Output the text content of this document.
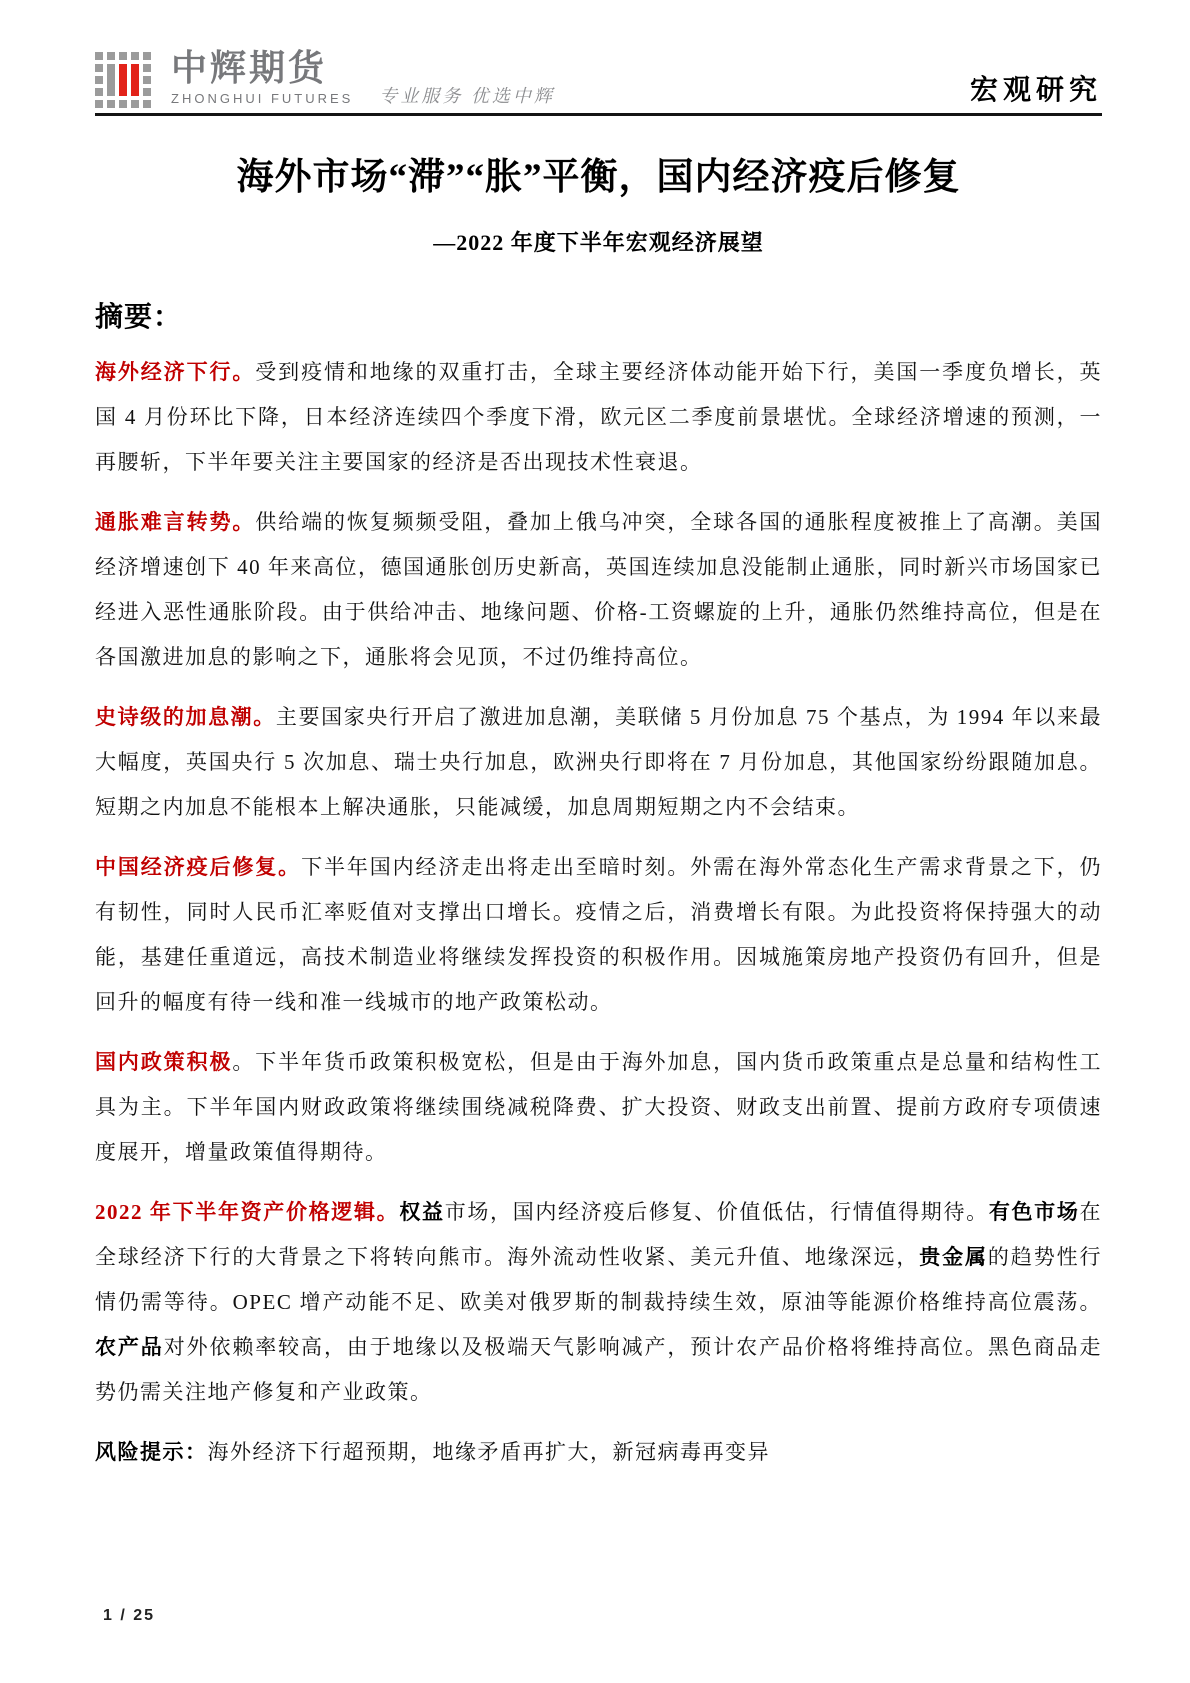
中辉期货
ZHONGHUI FUTURES 专业服务 优选中辉	宏观研究
海外市场“滞”“胀”平衡，国内经济疫后修复
—2022 年度下半年宏观经济展望
摘要：

海外经济下行。受到疫情和地缘的双重打击，全球主要经济体动能开始下行，美国一季度负增长，英国 4 月份环比下降，日本经济连续四个季度下滑，欧元区二季度前景堪忧。全球经济增速的预测，一再腰斩，下半年要关注主要国家的经济是否出现技术性衰退。

通胀难言转势。供给端的恢复频频受阻，叠加上俄乌冲突，全球各国的通胀程度被推上了高潮。美国经济增速创下 40 年来高位，德国通胀创历史新高，英国连续加息没能制止通胀，同时新兴市场国家已经进入恶性通胀阶段。由于供给冲击、地缘问题、价格-工资螺旋的上升，通胀仍然维持高位，但是在各国激进加息的影响之下，通胀将会见顶，不过仍维持高位。

史诗级的加息潮。主要国家央行开启了激进加息潮，美联储 5 月份加息 75 个基点，为 1994 年以来最大幅度，英国央行 5 次加息、瑞士央行加息，欧洲央行即将在 7 月份加息，其他国家纷纷跟随加息。短期之内加息不能根本上解决通胀，只能减缓，加息周期短期之内不会结束。

中国经济疫后修复。下半年国内经济走出将走出至暗时刻。外需在海外常态化生产需求背景之下，仍有韧性，同时人民币汇率贬值对支撑出口增长。疫情之后，消费增长有限。为此投资将保持强大的动能，基建任重道远，高技术制造业将继续发挥投资的积极作用。因城施策房地产投资仍有回升，但是回升的幅度有待一线和准一线城市的地产政策松动。

国内政策积极。下半年货币政策积极宽松，但是由于海外加息，国内货币政策重点是总量和结构性工具为主。下半年国内财政政策将继续围绕减税降费、扩大投资、财政支出前置、提前方政府专项债速度展开，增量政策值得期待。

2022 年下半年资产价格逻辑。权益市场，国内经济疫后修复、价值低估，行情值得期待。有色市场在全球经济下行的大背景之下将转向熊市。海外流动性收紧、美元升值、地缘深远，贵金属的趋势性行情仍需等待。OPEC 增产动能不足、欧美对俄罗斯的制裁持续生效，原油等能源价格维持高位震荡。农产品对外依赖率较高，由于地缘以及极端天气影响减产，预计农产品价格将维持高位。黑色商品走势仍需关注地产修复和产业政策。

风险提示：海外经济下行超预期，地缘矛盾再扩大，新冠病毒再变异

1 / 25
